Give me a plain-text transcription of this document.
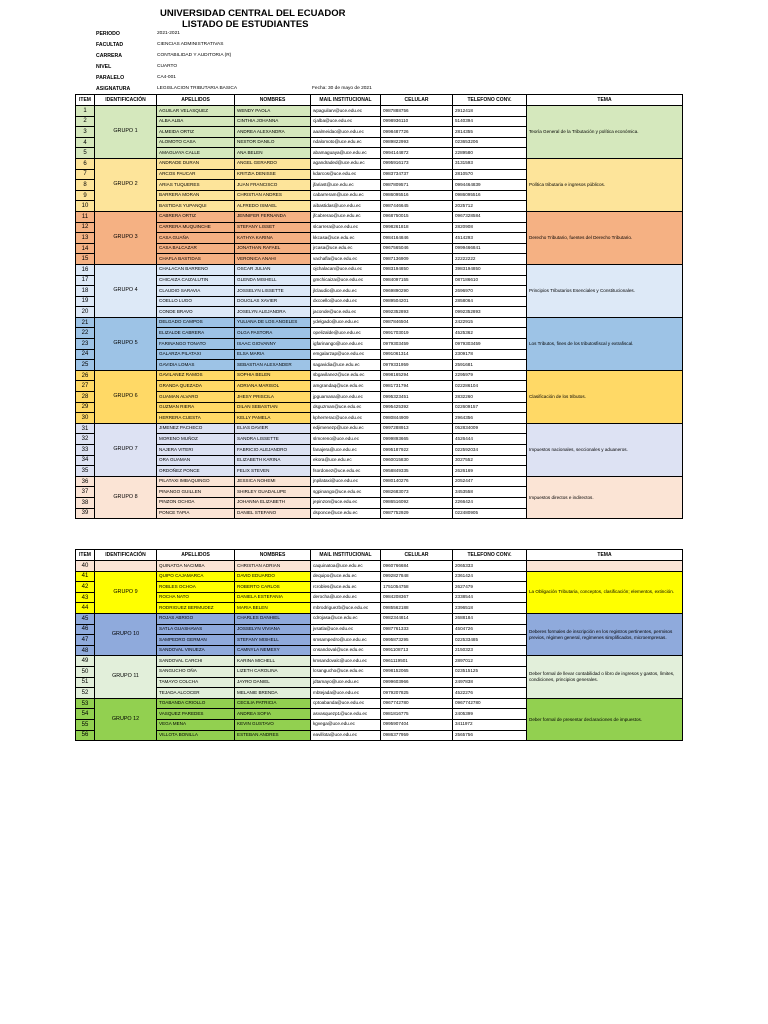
UNIVERSIDAD CENTRAL DEL ECUADOR
LISTADO DE ESTUDIANTES
PERIODO	2021-2021
FACULTAD	CIENCIAS ADMINISTRATIVAS
CARRERA	CONTABILIDAD Y AUDITORIA (R)
NIVEL	CUARTO
PARALELO	CA4-001
ASIGNATURA	LEGISLACION TRIBUTARIA BASICA	Fecha: 30 de mayo de 2021
ITEM	IDENTIFICACIÓN	APELLIDOS	NOMBRES	MAIL INSTITUCIONAL	CELULAR	TELEFONO CONV.	TEMA
1	GRUPO 1	AGUILAR VELASQUEZ	WENDY PAOLA	wpaguilarv@uce.edu.ec	0987888756	2912418	Teoría General de la Tributación y política económica.
2		ALBA ALBA	CINTHIA JOHANNA	cjalba@uce.edu.ec	0998936110	5140394	
3		ALMEIDA ORTIZ	ANDREA ALEXANDRA	aaalmeidao@uce.edu.ec	0998487726	2814355	
4		ALOMOTO CASA	NESTOR DANILO	ndalomoto@uce.edu.ec	0989822993	023653206	
5		AMAGUAYA CALLE	ANA BELEN	abamaguaya@uce.edu.ec	0994144872	2289580	
6	GRUPO 2	ANDRADE DURAN	ANGEL GERARDO	agandraded@uce.edu.ec	0995916173	3131593	Política tributaria e ingresos públicos.
7		ARCOS PAUCAR	KRITZIA DENISSE	kdarcos@uce.edu.ec	0983734737	2810570	
8		ARIAS TUQUERES	JUAN FRANCISCO	jfariast@uce.edu.ec	0987809571	0994464839	
9		BARRERA MORAN	CHRISTIAN ANDRES	cabarreram@uce.edu.ec	0986095516	0986095516	
10		BASTIDAS YUPANQUI	ALFREDO ISMAEL	aibastidas@uce.edu.ec	0987446645	2025712	
11	GRUPO 3	CABRERA ORTIZ	JENNIFER FERNANDA	jfcabreraо@uce.edu.ec	0968750015	0967328584	Derecho Tributario, fuentes del Derecho Tributario.
12		CARRERA MUQUINCHE	STEFANY LISSET	slcarrera@uce.edu.ec	0998261818	2820908	
13		CASA GUAÑA	KATHYA KARINA	kkcasa@uce.edu.ec	0984164846	4514293	
14		CASA BALCAZAR	JONATHAN RAFAEL	jrcasa@uce.edu.ec	0967565046	0999466841	
15		CHAFLA BASTIDAS	VERONICA ANAHI	vachafla@uce.edu.ec	0987136909	22222222	
16	GRUPO 4	CHALACAN BARRENO	OSCAR JULIAN	ojchalacan@uce.edu.ec	0983194850	3983194850	Principios Tributarios Esenciales y Constitucionales.
17		CHICAIZA CAIZALUTIN	GLENDA MISHELL	gmchicaiza@uce.edu.ec	0984097155	087186610	
18		CLAUDIO SARAVIA	JOSSELYN LISSETTE	jlclaudio@uce.edu.ec	0969890290	2696970	
19		COELLO LUGO	DOUGLAS XAVIER	dxcoello@uce.edu.ec	0989504201	2858064	
20		CONDE BRAVO	JOSELYN ALEJANDRA	jaconde@uce.edu.ec	0992352893	0992352893	
21	GRUPO 5	DELGADO CAMPOS	YULIANA DE LOS ANGELES	ydelgado@uce.edu.ec	0987846504	2422915	Los Tributos, fines de los tributosfiscal y extrafiscal.
22		ELIZALDE CABRERA	OLGA PASTORA	opelizalde@uce.edu.ec	0991703019	4525362	
23		FARINANGO TONATO	ISAAC GIOVANNY	igfarinango@uce.edu.ec	0979303459	0979303459	
24		GALARZA PILATAXI	ELSA MARIA	emgalarzap@uce.edu.ec	0991061314	2309178	
25		GAVIDIA LOMAS	SEBASTIAN ALEXANDER	sagavidia@uce.edu.ec	0979331959	2591681	
26	GRUPO 6	GAVILANEZ RAMOS	SOPHIA BELEN	sbgavilanez@uce.edu.ec	0998165294	2295979	Clasificación de los tributos.
27		GRANDA QUEZADA	ADRIANA MARISOL	amgrandaq@uce.edu.ec	0981731794	022286104	
28		GUAMAN ALVARO	JHESY PRISCILA	jpguamana@uce.edu.ec	0995323451	2832260	
29		GUZMAN RIERA	DILAN SEBASTIAN	dsguzman@uce.edu.ec	0995425392	022609157	
30		HERRERA CUESTA	KELLY PAMELA	kpherrerac@uce.edu.ec	0980844909	2964356	
31	GRUPO 7	JIMENEZ PACHECO	ELIAS DAVIER	edjimenezp@uce.edu.ec	0997288913	052834009	Impuestos nacionales, seccionales y aduaneros.
32		MORENO MUÑOZ	SANDRA LISSETTE	slmoreno@uce.edu.ec	0999893665	4526444	
33		NAJERA VITERI	FABRICIO ALEJANDRO	fanajera@uce.edu.ec	0995187922	022592034	
34		ORA GUAMAN	ELIZABETH KARINA	ekora@uce.edu.ec	0960015830	3027552	
35		ORDOÑEZ PONCE	FELIX STEVEN	fsordonez@uce.edu.ec	0958849335	2626169	
36	GRUPO 8	PILATAXI IMBAQUINGO	JESSICA NOHEMI	jnpilataxi@uce.edu.ec	0980140276	2052447	Impuestos directos e indirectos.
37		PINANGO GUILLEN	SHIRLEY GUADALUPE	sgpinango@uce.edu.ec	0982683073	3453558	
38		PINZON OCHOA	JOHANNA ELIZABETH	jepinzon@uce.edu.ec	0986516092	2266424	
39		PONCE TAPIA	DANIEL STEFANO	dsponce@uce.edu.ec	0987752929	022480905	
ITEM	IDENTIFICACIÓN	APELLIDOS	NOMBRES	MAIL INSTITUCIONAL	CELULAR	TELEFONO CONV.	TEMA
40		QUINATOA NACIMBA	CHRISTIAN ADRIAN	caquinatoa@uce.edu.ec	0960766684	2065333	
41	GRUPO 9	QUIPO CAJAMARCA	DAVID EDUARDO	dequipo@uce.edu.ec	0992827848	2361424	La Obligación Tributaria, conceptos, clasificación; elementos, extinción.
42		ROBLES OCHOA	ROBERTO CARLOS	rcrobles@uce.edu.ec	1751054758	2627479	
43		ROCHA NATO	DANIELA ESTEFANIA	derocha@uce.edu.ec	0984208367	2338544	
44		RODRIGUEZ BERMUDEZ	MARIA BELEN	mbrodriguezb@uce.edu.ec	0985562188	2396518	
45	GRUPO 10	ROJAS ABRIGO	CHARLES DANHIEL	cdrojasa@uce.edu.ec	0982344814	2688184	Deberes formales de inscripción en los registros pertinentes, permisos previos, régimen general, regímenes simplificados, microempresas.
46		SATLA GUASHAVAS	JOSSELYN VIVIANA	jvsatla@uce.edu.ec	0987761333	4504726	
47		SAMPEDRO GERMAN	STEFANY MISHELL	smsampedro@uce.edu.ec	0995873295	022533485	
48		SANDOVAL VINUEZA	CAMNYLA NEMEXY	cnsandoval@uce.edu.ec	0991108713	2150323	
49	GRUPO 11	SANDOVAL CARCHI	KARINA MICHELL	kmsandovalc@uce.edu.ec	0961119501	2897012	Deber formal de llevar contabilidad o libro de ingresos y gastos, límites, condiciones, principios generales.
50		SANGUCHO OÑA	LIZETH CAROLINA	lcsangucho@uce.edu.ec	0998152065	023515125	
51		TAMAYO COLCHA	JAYRO DANIEL	jdtamayo@uce.edu.ec	0999603966	2497838	
52		TEJADA ALCOCER	MELANIE BRENDA	mbtejada@uce.edu.ec	0979207825	4522276	
53	GRUPO 12	TOABANDA CRIOLLO	CECILIA PATRICIA	cptoabanda@uce.edu.ec	0967742780	0967742780	Deber formal de presentar declaraciones de impuestos.
54		VASQUEZ PAREDES	ANDREA SOFIA	asvasquezp1@uce.edu.ec	0981816775	2405399	
55		VEGA MENA	KEVIN GUSTAVO	kgvega@uce.edu.ec	0995907404	3411972	
56		VILLOTA BONILLA	ESTEBAN ANDRES	eavillota@uce.edu.ec	0986377959	2565756	
